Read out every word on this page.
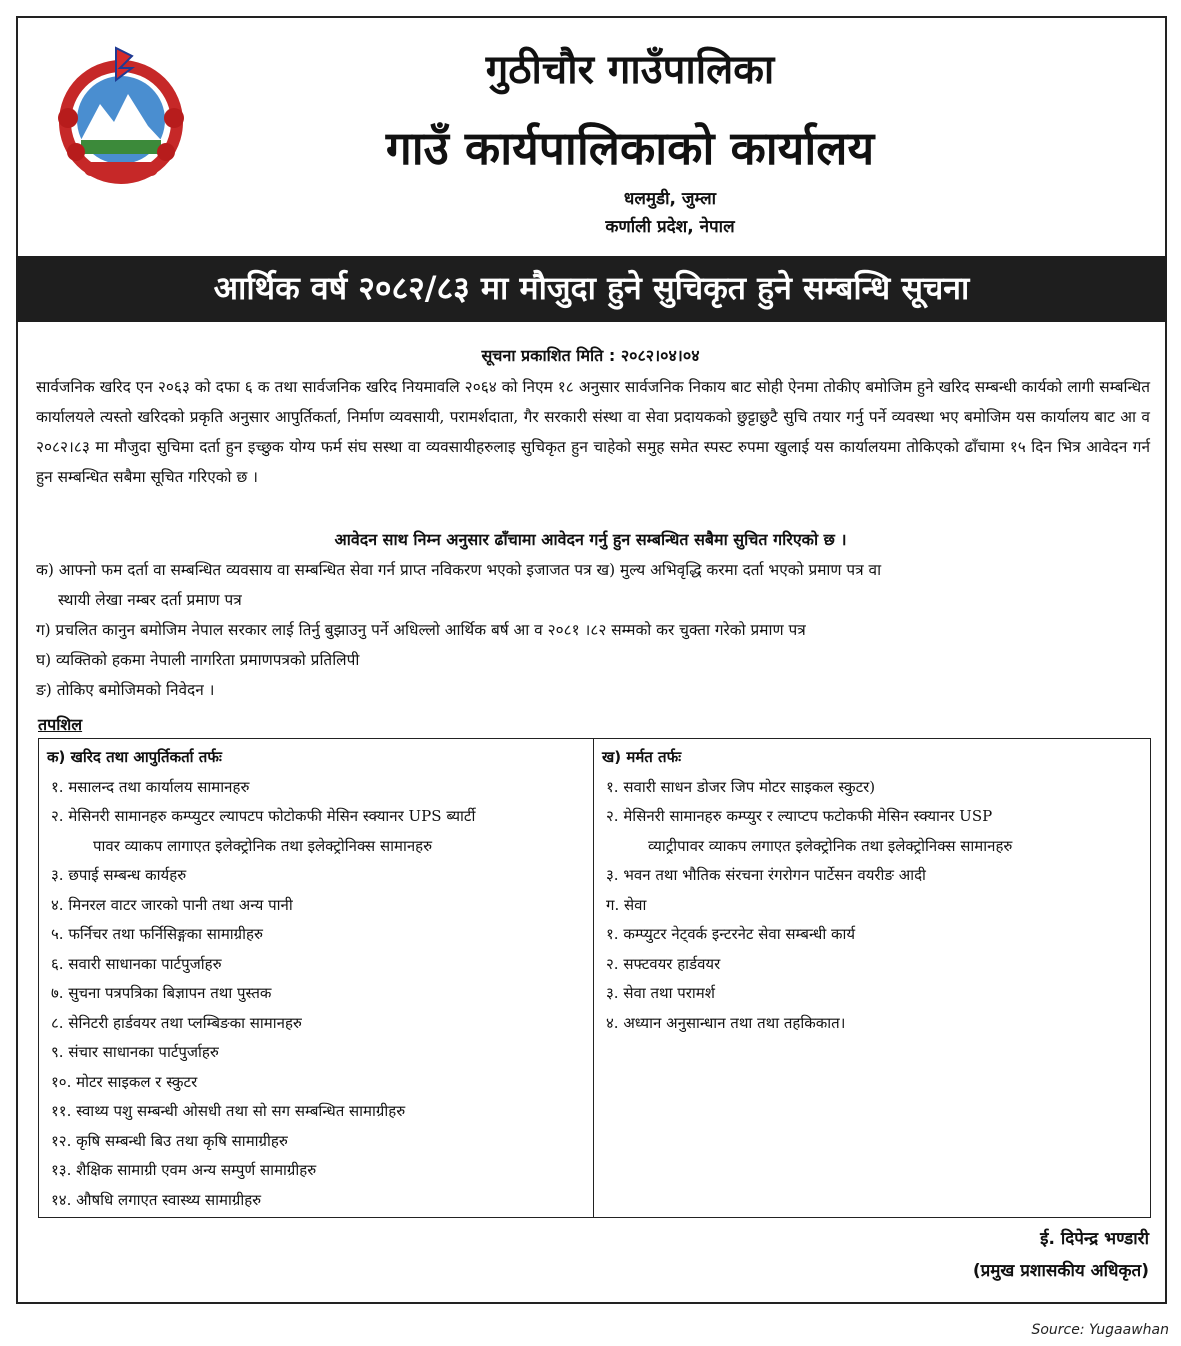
गुठीचौर गाउँपालिका
गाउँ कार्यपालिकाको कार्यालय
धलमुडी, जुम्ला
कर्णाली प्रदेश, नेपाल
आर्थिक वर्ष २०८२/८३ मा मौजुदा हुने सुचिकृत हुने सम्बन्धि सूचना
सूचना प्रकाशित मिति : २०८२।०४।०४
सार्वजनिक खरिद एन २०६३ को दफा ६ क तथा सार्वजनिक खरिद नियमावलि २०६४ को निएम १८ अनुसार सार्वजनिक निकाय बाट सोही ऐनमा तोकीए बमोजिम हुने खरिद सम्बन्धी कार्यको लागी सम्बन्धित कार्यालयले त्यस्तो खरिदको प्रकृति अनुसार आपुर्तिकर्ता, निर्माण व्यवसायी, परामर्शदाता, गैर सरकारी संस्था वा सेवा प्रदायकको छुट्टाछुटै सुचि तयार गर्नु पर्ने व्यवस्था भए बमोजिम यस कार्यालय बाट आ व २०८२।८३ मा मौजुदा सुचिमा दर्ता हुन इच्छुक योग्य फर्म संघ सस्था वा व्यवसायीहरुलाइ सुचिकृत हुन चाहेको समुह समेत स्पस्ट रुपमा खुलाई यस कार्यालयमा तोकिएको ढाँचामा १५ दिन भित्र आवेदन गर्न हुन सम्बन्धित सबैमा सूचित गरिएको छ ।
आवेदन साथ निम्न अनुसार ढाँचामा आवेदन गर्नु हुन सम्बन्धित सबैमा सुचित गरिएको छ ।
क) आफ्नो फम दर्ता वा सम्बन्धित व्यवसाय वा सम्बन्धित सेवा गर्न प्राप्त नविकरण भएको इजाजत पत्र ख) मुल्य अभिवृद्धि करमा दर्ता भएको प्रमाण पत्र वा
स्थायी लेखा नम्बर दर्ता प्रमाण पत्र
ग) प्रचलित कानुन बमोजिम नेपाल सरकार लाई तिर्नु बुझाउनु पर्ने अधिल्लो आर्थिक बर्ष आ व २०८१ ।८२ सम्मको कर चुक्ता गरेको प्रमाण पत्र
घ) व्यक्तिको हकमा नेपाली नागरिता प्रमाणपत्रको प्रतिलिपी
ङ) तोकिए बमोजिमको निवेदन ।
तपशिल
क) खरिद तथा आपुर्तिकर्ता तर्फः
१. मसालन्द तथा कार्यालय सामानहरु
२. मेसिनरी सामानहरु कम्प्युटर ल्यापटप फोटोकफी मेसिन स्क्यानर UPS ब्यार्टी
पावर व्याकप लागाएत इलेक्ट्रोनिक तथा इलेक्ट्रोनिक्स सामानहरु
३. छपाई सम्बन्ध कार्यहरु
४. मिनरल वाटर जारको पानी तथा अन्य पानी
५. फर्निचर तथा फर्निसिङ्गका सामाग्रीहरु
६. सवारी साधानका पार्टपुर्जाहरु
७. सुचना पत्रपत्रिका बिज्ञापन तथा पुस्तक
८. सेनिटरी हार्डवयर तथा प्लम्बिङका सामानहरु
९. संचार साधानका पार्टपुर्जाहरु
१०. मोटर साइकल र स्कुटर
११. स्वाथ्य पशु सम्बन्धी ओसधी तथा सो सग सम्बन्धित सामाग्रीहरु
१२. कृषि सम्बन्धी बिउ तथा कृषि सामाग्रीहरु
१३. शैक्षिक सामाग्री एवम अन्य सम्पुर्ण सामाग्रीहरु
१४. औषधि लगाएत स्वास्थ्य सामाग्रीहरु
ख) मर्मत तर्फः
१. सवारी साधन डोजर जिप मोटर साइकल स्कुटर)
२. मेसिनरी सामानहरु कम्प्युर र ल्याप्टप फटोकफी मेसिन स्क्यानर USP
व्याट्रीपावर व्याकप लगाएत इलेक्ट्रोनिक तथा इलेक्ट्रोनिक्स सामानहरु
३. भवन तथा भौतिक संरचना रंगरोगन पार्टेसन वयरीङ आदी
ग. सेवा
१. कम्प्युटर नेट्वर्क इन्टरनेट सेवा सम्बन्धी कार्य
२. सफ्टवयर हार्डवयर
३. सेवा तथा परामर्श
४. अध्यान अनुसान्धान तथा तथा तहकिकात।
ई. दिपेन्द्र भण्डारी
(प्रमुख प्रशासकीय अधिकृत)
Source: Yugaawhan
